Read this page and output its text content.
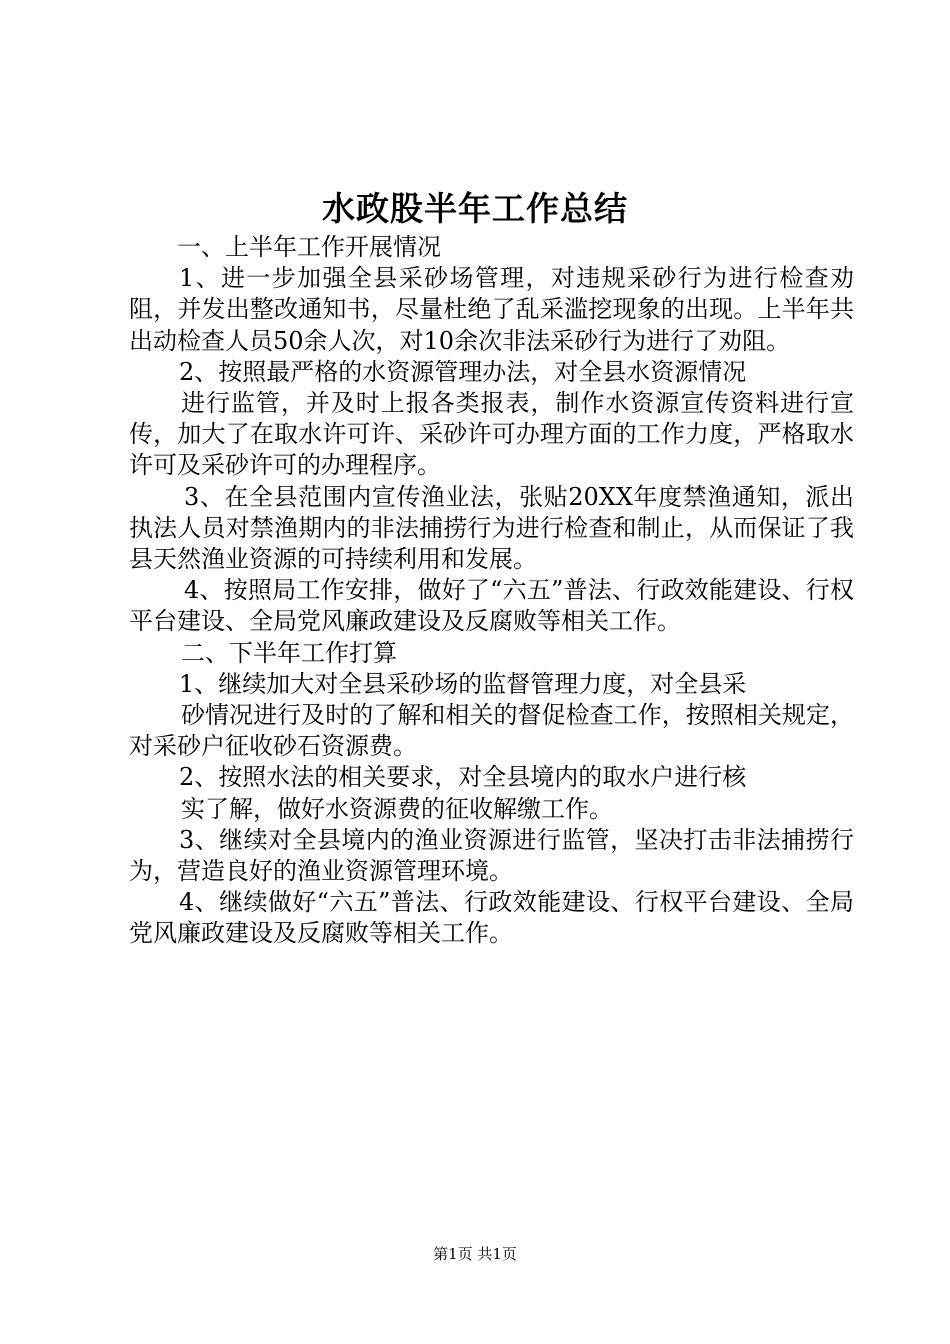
水政股半年工作总结

一、上半年工作开展情况

1、进一步加强全县采砂场管理，对违规采砂行为进行检查劝阻，并发出整改通知书，尽量杜绝了乱采滥挖现象的出现。上半年共出动检查人员50余人次，对10余次非法采砂行为进行了劝阻。

2、按照最严格的水资源管理办法，对全县水资源情况

进行监管，并及时上报各类报表，制作水资源宣传资料进行宣传，加大了在取水许可许、采砂许可办理方面的工作力度，严格取水许可及采砂许可的办理程序。

3、在全县范围内宣传渔业法，张贴20XX年度禁渔通知，派出执法人员对禁渔期内的非法捕捞行为进行检查和制止，从而保证了我县天然渔业资源的可持续利用和发展。

4、按照局工作安排，做好了“六五”普法、行政效能建设、行权平台建设、全局党风廉政建设及反腐败等相关工作。

二、下半年工作打算

1、继续加大对全县采砂场的监督管理力度，对全县采

砂情况进行及时的了解和相关的督促检查工作，按照相关规定，对采砂户征收砂石资源费。

2、按照水法的相关要求，对全县境内的取水户进行核

实了解，做好水资源费的征收解缴工作。

3、继续对全县境内的渔业资源进行监管，坚决打击非法捕捞行为，营造良好的渔业资源管理环境。

4、继续做好“六五”普法、行政效能建设、行权平台建设、全局党风廉政建设及反腐败等相关工作。

第1页 共1页
